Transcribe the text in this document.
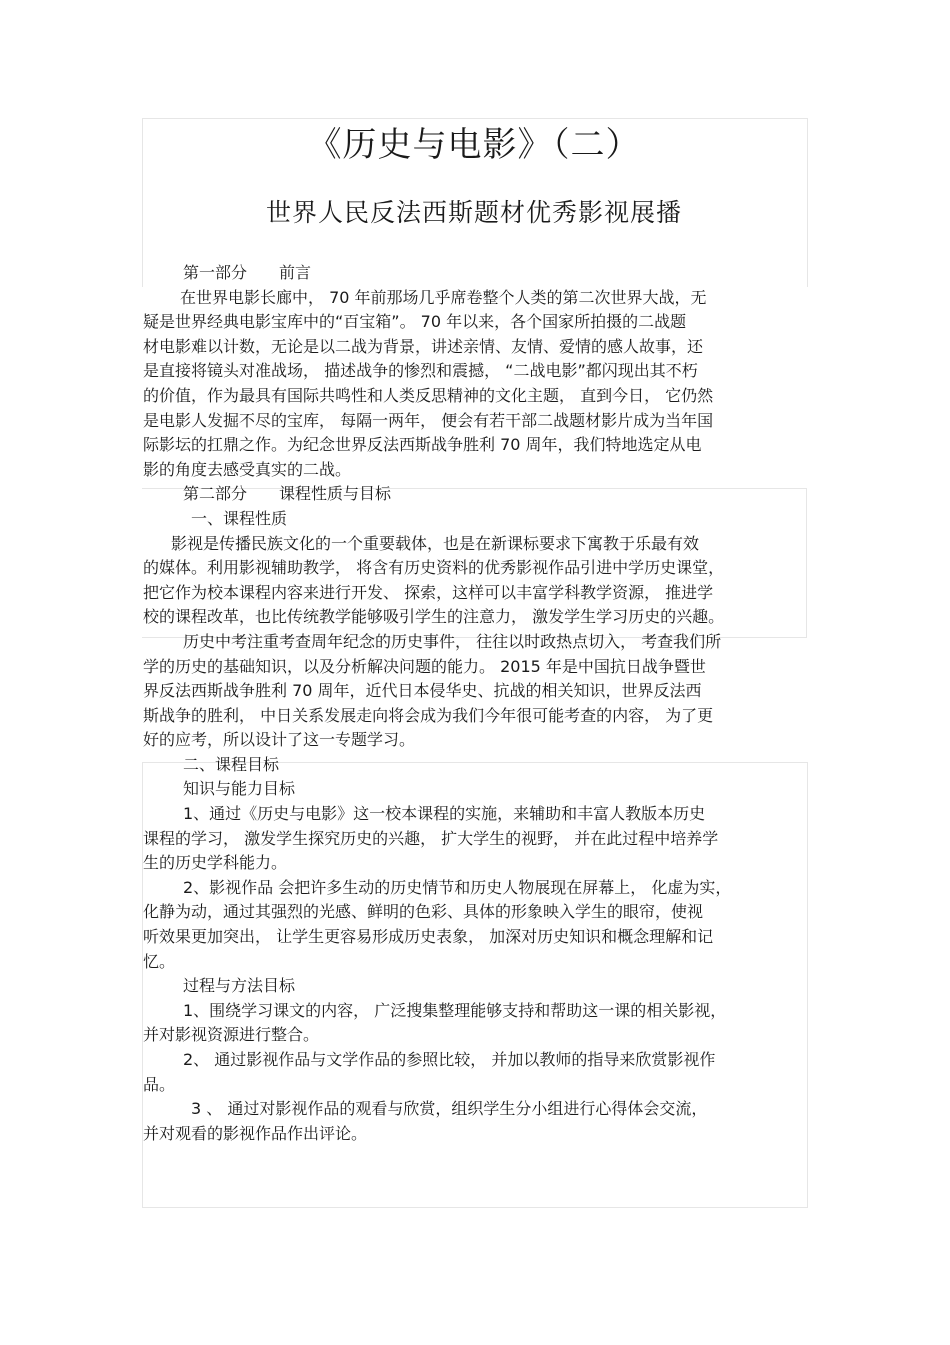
《历史与电影》（二）
世界人民反法西斯题材优秀影视展播
第一部分 前言
在世界电影长廊中， 70 年前那场几乎席卷整个人类的第二次世界大战，无
疑是世界经典电影宝库中的“百宝箱”。 70 年以来，各个国家所拍摄的二战题
材电影难以计数，无论是以二战为背景，讲述亲情、友情、爱情的感人故事，还
是直接将镜头对准战场， 描述战争的惨烈和震撼， “二战电影”都闪现出其不朽
的价值，作为最具有国际共鸣性和人类反思精神的文化主题， 直到今日， 它仍然
是电影人发掘不尽的宝库， 每隔一两年， 便会有若干部二战题材影片成为当年国
际影坛的扛鼎之作。为纪念世界反法西斯战争胜利 70 周年，我们特地选定从电
影的角度去感受真实的二战。
第二部分 课程性质与目标
一、课程性质
影视是传播民族文化的一个重要载体，也是在新课标要求下寓教于乐最有效
的媒体。利用影视辅助教学， 将含有历史资料的优秀影视作品引进中学历史课堂，
把它作为校本课程内容来进行开发、 探索，这样可以丰富学科教学资源， 推进学
校的课程改革，也比传统教学能够吸引学生的注意力， 激发学生学习历史的兴趣。
历史中考注重考查周年纪念的历史事件， 往往以时政热点切入， 考查我们所
学的历史的基础知识，以及分析解决问题的能力。 2015 年是中国抗日战争暨世
界反法西斯战争胜利 70 周年，近代日本侵华史、抗战的相关知识，世界反法西
斯战争的胜利， 中日关系发展走向将会成为我们今年很可能考查的内容， 为了更
好的应考，所以设计了这一专题学习。
二、课程目标
知识与能力目标
1、通过《历史与电影》这一校本课程的实施，来辅助和丰富人教版本历史
课程的学习， 激发学生探究历史的兴趣， 扩大学生的视野， 并在此过程中培养学
生的历史学科能力。
2、影视作品 会把许多生动的历史情节和历史人物展现在屏幕上， 化虚为实，
化静为动，通过其强烈的光感、鲜明的色彩、具体的形象映入学生的眼帘，使视
听效果更加突出， 让学生更容易形成历史表象， 加深对历史知识和概念理解和记
忆。
过程与方法目标
1、围绕学习课文的内容， 广泛搜集整理能够支持和帮助这一课的相关影视，
并对影视资源进行整合。
2、 通过影视作品与文学作品的参照比较， 并加以教师的指导来欣赏影视作
品。
3 、 通过对影视作品的观看与欣赏，组织学生分小组进行心得体会交流，
并对观看的影视作品作出评论。
